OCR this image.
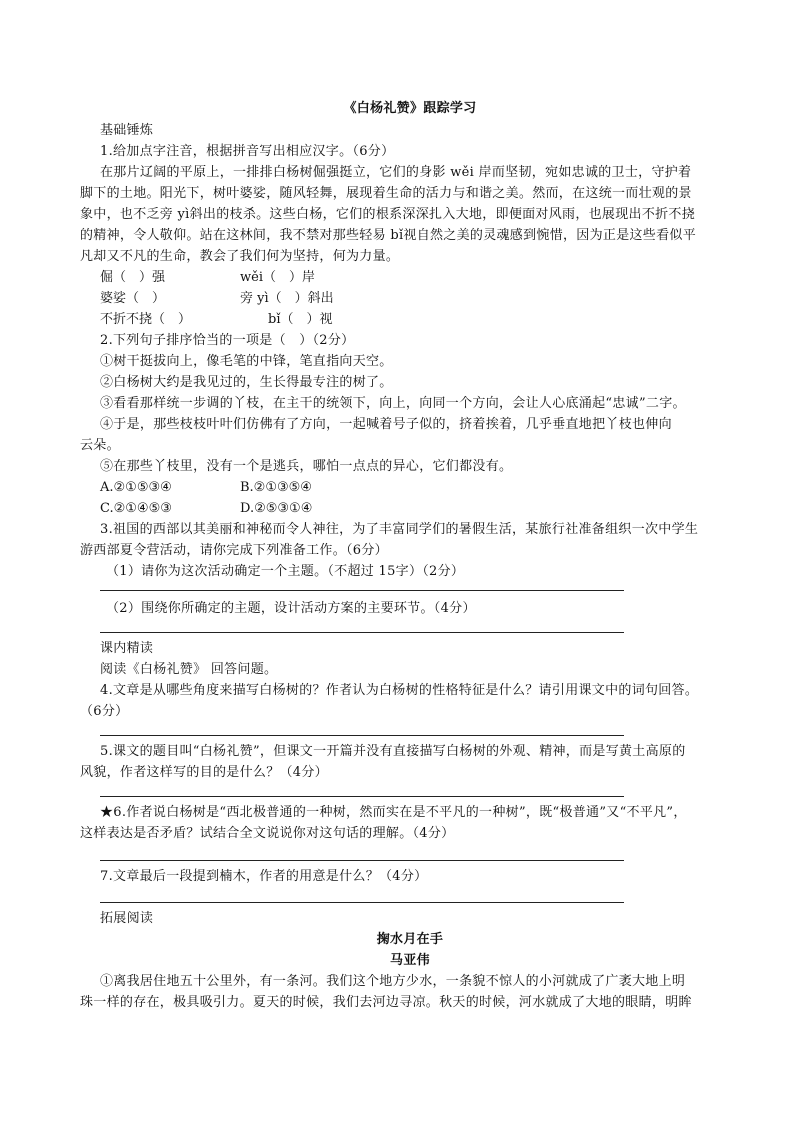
《白杨礼赞》跟踪学习
基础锤炼
1.给加点字注音，根据拼音写出相应汉字。（6分）
在那片辽阔的平原上，一排排白杨树倔强挺立，它们的身影 wěi 岸而坚韧，宛如忠诚的卫士，守护着
脚下的土地。阳光下，树叶婆娑，随风轻舞，展现着生命的活力与和谐之美。然而，在这统一而壮观的景
象中，也不乏旁 yì斜出的枝杀。这些白杨，它们的根系深深扎入大地，即便面对风雨，也展现出不折不挠
的精神，令人敬仰。站在这林间，我不禁对那些轻易 bǐ视自然之美的灵魂感到惋惜，因为正是这些看似平
凡却又不凡的生命，教会了我们何为坚持，何为力量。
倔（　）强	wěi（　）岸
婆娑（　）	旁 yì（　）斜出
不折不挠（　）	bǐ（　）视
2.下列句子排序恰当的一项是（　）（2分）
①树干挺拔向上，像毛笔的中锋，笔直指向天空。
②白杨树大约是我见过的，生长得最专注的树了。
③看看那样统一步调的丫枝，在主干的统领下，向上，向同一个方向，会让人心底涌起“忠诚”二字。
④于是，那些枝枝叶叶们仿佛有了方向，一起喊着号子似的，挤着挨着，几乎垂直地把丫枝也伸向
云朵。
⑤在那些丫枝里，没有一个是逃兵，哪怕一点点的异心，它们都没有。
A.②①⑤③④	B.②①③⑤④
C.②①④⑤③	D.②⑤③①④
3.祖国的西部以其美丽和神秘而令人神往，为了丰富同学们的暑假生活，某旅行社准备组织一次中学生
游西部夏令营活动，请你完成下列准备工作。（6分）
（1）请你为这次活动确定一个主题。（不超过 15字）（2分）
（2）围绕你所确定的主题，设计活动方案的主要环节。（4分）
课内精读
阅读《白杨礼赞》 回答问题。
4.文章是从哪些角度来描写白杨树的？作者认为白杨树的性格特征是什么？请引用课文中的词句回答。
（6分）
5.课文的题目叫“白杨礼赞”，但课文一开篇并没有直接描写白杨树的外观、精神，而是写黄土高原的
风貌，作者这样写的目的是什么？（4分）
★6.作者说白杨树是“西北极普通的一种树，然而实在是不平凡的一种树”，既“极普通”又“不平凡”，
这样表达是否矛盾？试结合全文说说你对这句话的理解。（4分）
7.文章最后一段提到楠木，作者的用意是什么？（4分）
拓展阅读
掬水月在手
马亚伟
①离我居住地五十公里外，有一条河。我们这个地方少水，一条貌不惊人的小河就成了广袤大地上明
珠一样的存在，极具吸引力。夏天的时候，我们去河边寻凉。秋天的时候，河水就成了大地的眼睛，明眸
